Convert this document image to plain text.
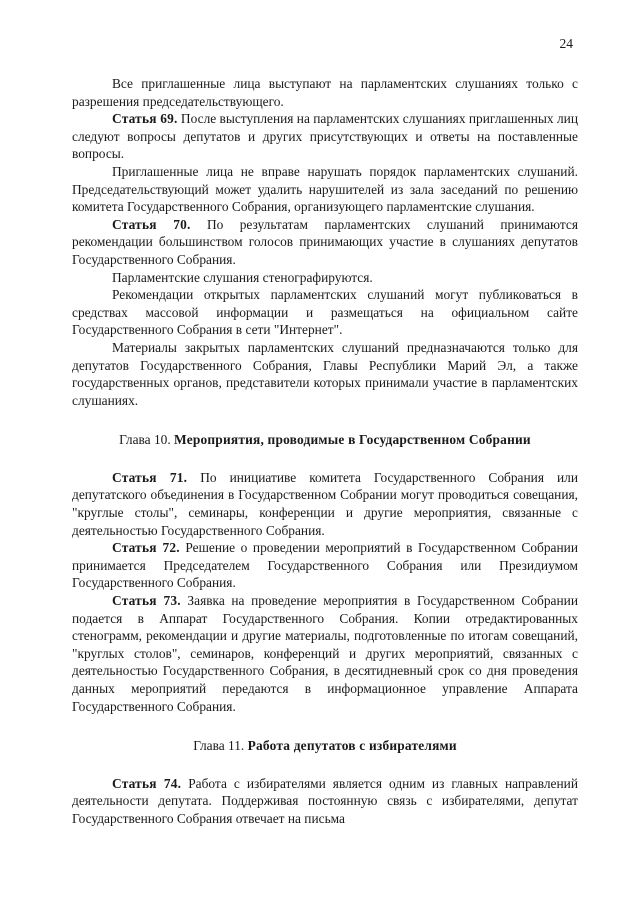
24

Все приглашенные лица выступают на парламентских слушаниях только с разрешения председательствующего.

Статья 69. После выступления на парламентских слушаниях приглашенных лиц следуют вопросы депутатов и других присутствующих и ответы на поставленные вопросы.

Приглашенные лица не вправе нарушать порядок парламентских слушаний. Председательствующий может удалить нарушителей из зала заседаний по решению комитета Государственного Собрания, организующего парламентские слушания.

Статья 70. По результатам парламентских слушаний принимаются рекомендации большинством голосов принимающих участие в слушаниях депутатов Государственного Собрания.

Парламентские слушания стенографируются.

Рекомендации открытых парламентских слушаний могут публиковаться в средствах массовой информации и размещаться на официальном сайте Государственного Собрания в сети "Интернет".

Материалы закрытых парламентских слушаний предназначаются только для депутатов Государственного Собрания, Главы Республики Марий Эл, а также государственных органов, представители которых принимали участие в парламентских слушаниях.

Глава 10. Мероприятия, проводимые в Государственном Собрании

Статья 71. По инициативе комитета Государственного Собрания или депутатского объединения в Государственном Собрании могут проводиться совещания, "круглые столы", семинары, конференции и другие мероприятия, связанные с деятельностью Государственного Собрания.

Статья 72. Решение о проведении мероприятий в Государственном Собрании принимается Председателем Государственного Собрания или Президиумом Государственного Собрания.

Статья 73. Заявка на проведение мероприятия в Государственном Собрании подается в Аппарат Государственного Собрания. Копии отредактированных стенограмм, рекомендации и другие материалы, подготовленные по итогам совещаний, "круглых столов", семинаров, конференций и других мероприятий, связанных с деятельностью Государственного Собрания, в десятидневный срок со дня проведения данных мероприятий передаются в информационное управление Аппарата Государственного Собрания.

Глава 11. Работа депутатов с избирателями

Статья 74. Работа с избирателями является одним из главных направлений деятельности депутата. Поддерживая постоянную связь с избирателями, депутат Государственного Собрания отвечает на письма
